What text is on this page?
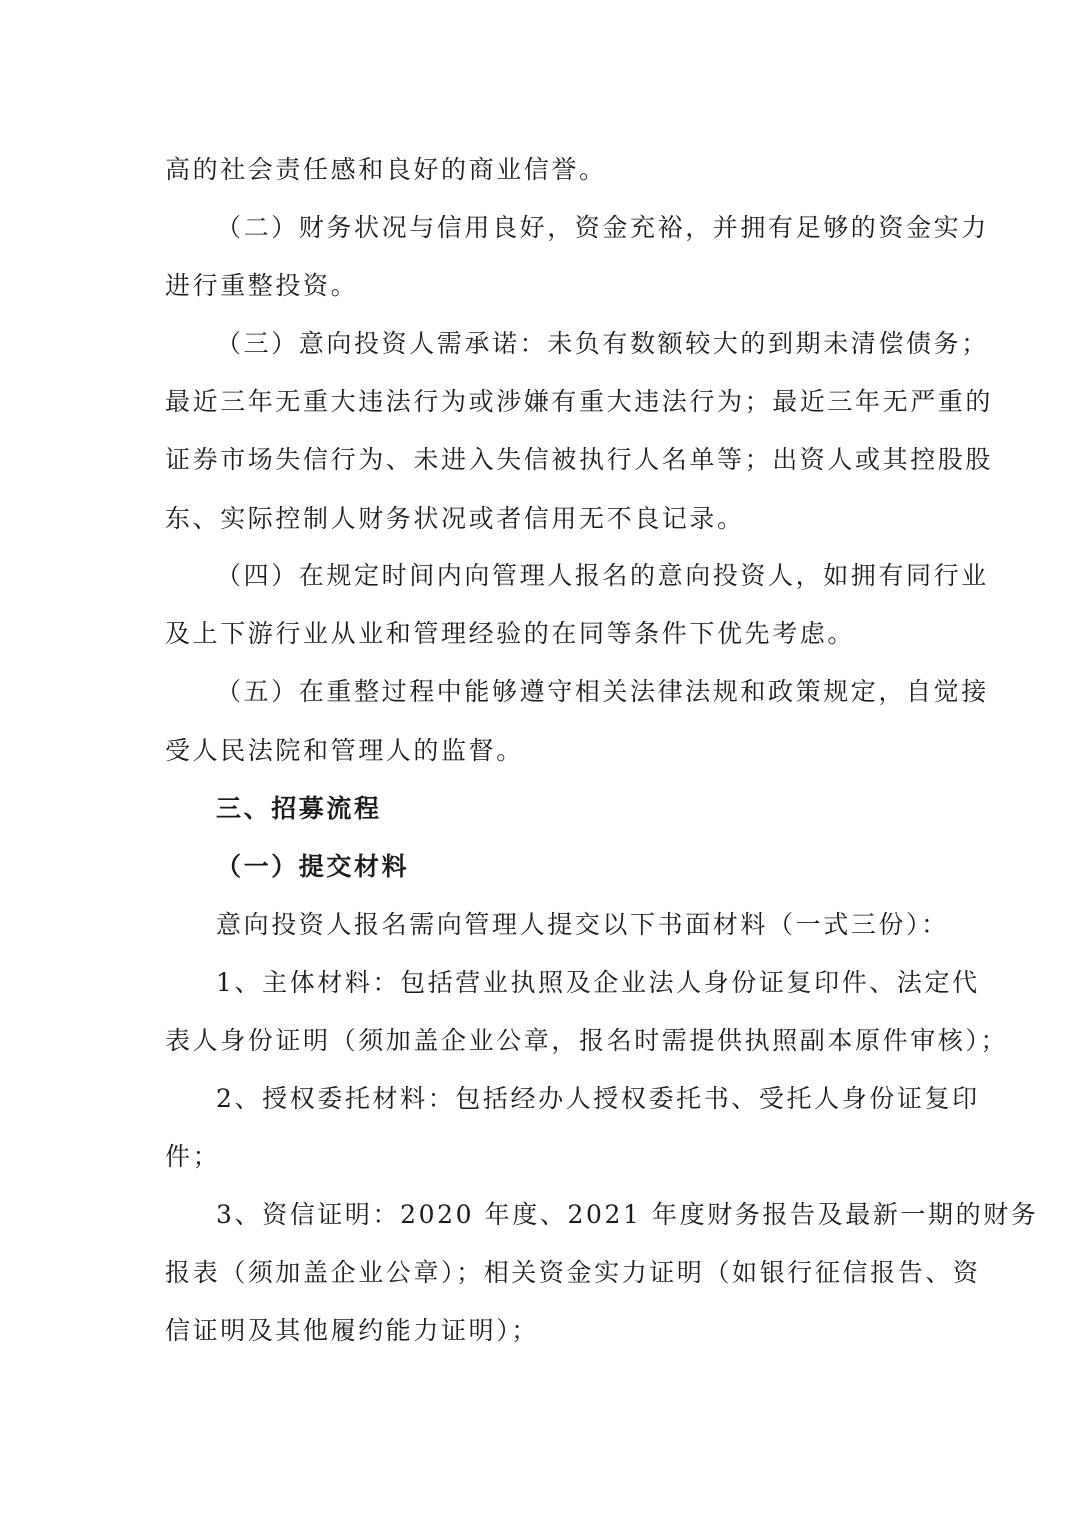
高的社会责任感和良好的商业信誉。
（二）财务状况与信用良好，资金充裕，并拥有足够的资金实力
进行重整投资。
（三）意向投资人需承诺：未负有数额较大的到期未清偿债务；
最近三年无重大违法行为或涉嫌有重大违法行为；最近三年无严重的
证券市场失信行为、未进入失信被执行人名单等；出资人或其控股股
东、实际控制人财务状况或者信用无不良记录。
（四）在规定时间内向管理人报名的意向投资人，如拥有同行业
及上下游行业从业和管理经验的在同等条件下优先考虑。
（五）在重整过程中能够遵守相关法律法规和政策规定，自觉接
受人民法院和管理人的监督。
三、招募流程
（一）提交材料
意向投资人报名需向管理人提交以下书面材料（一式三份）：
1、主体材料：包括营业执照及企业法人身份证复印件、法定代
表人身份证明（须加盖企业公章，报名时需提供执照副本原件审核）；
2、授权委托材料：包括经办人授权委托书、受托人身份证复印
件；
3、资信证明：2020 年度、2021 年度财务报告及最新一期的财务
报表（须加盖企业公章）；相关资金实力证明（如银行征信报告、资
信证明及其他履约能力证明）；
